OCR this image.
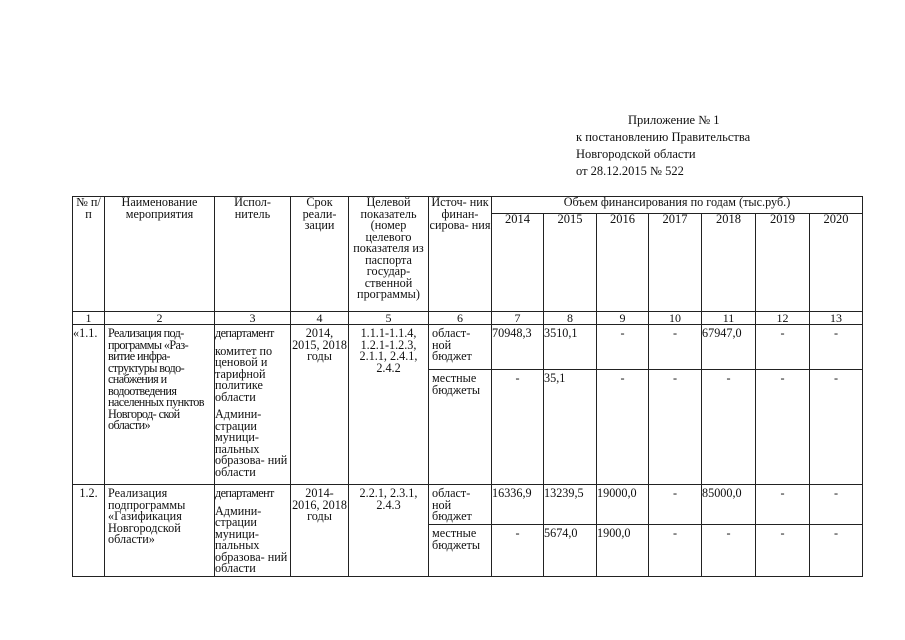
Приложение № 1
к постановлению Правительства
Новгородской области
от 28.12.2015 № 522
№ п/п	Наименование мероприятия	Испол- нитель	Срок реали- зации	Целевой показатель (номер целевого показателя из паспорта государ- ственной программы)	Источ- ник финан- сирова- ния	Объем финансирования по годам (тыс.руб.)						
						2014	2015	2016	2017	2018	2019	2020
1	2	3	4	5	6	7	8	9	10	11	12	13
«1.1.	Реализация под- программы «Раз- витие инфра- структуры водо- снабжения и водоотведения населенных пунктов Новгород- ской области»	департамент
комитет по ценовой и тарифной политике области
Админи- страции муници- пальных образова- ний области	2014, 2015, 2018 годы	1.1.1-1.1.4, 1.2.1-1.2.3, 2.1.1, 2.4.1, 2.4.2	област- ной бюджет	70948,3	3510,1	-	-	67947,0	-	-
					местные бюджеты	-	35,1	-	-	-	-	-
1.2.	Реализация подпрограммы «Газификация Новгородской области»	департамент
Админи- страции муници- пальных образова- ний области	2014- 2016, 2018 годы	2.2.1, 2.3.1, 2.4.3	област- ной бюджет	16336,9	13239,5	19000,0	-	85000,0	-	-
					местные бюджеты	-	5674,0	1900,0	-	-	-	-
